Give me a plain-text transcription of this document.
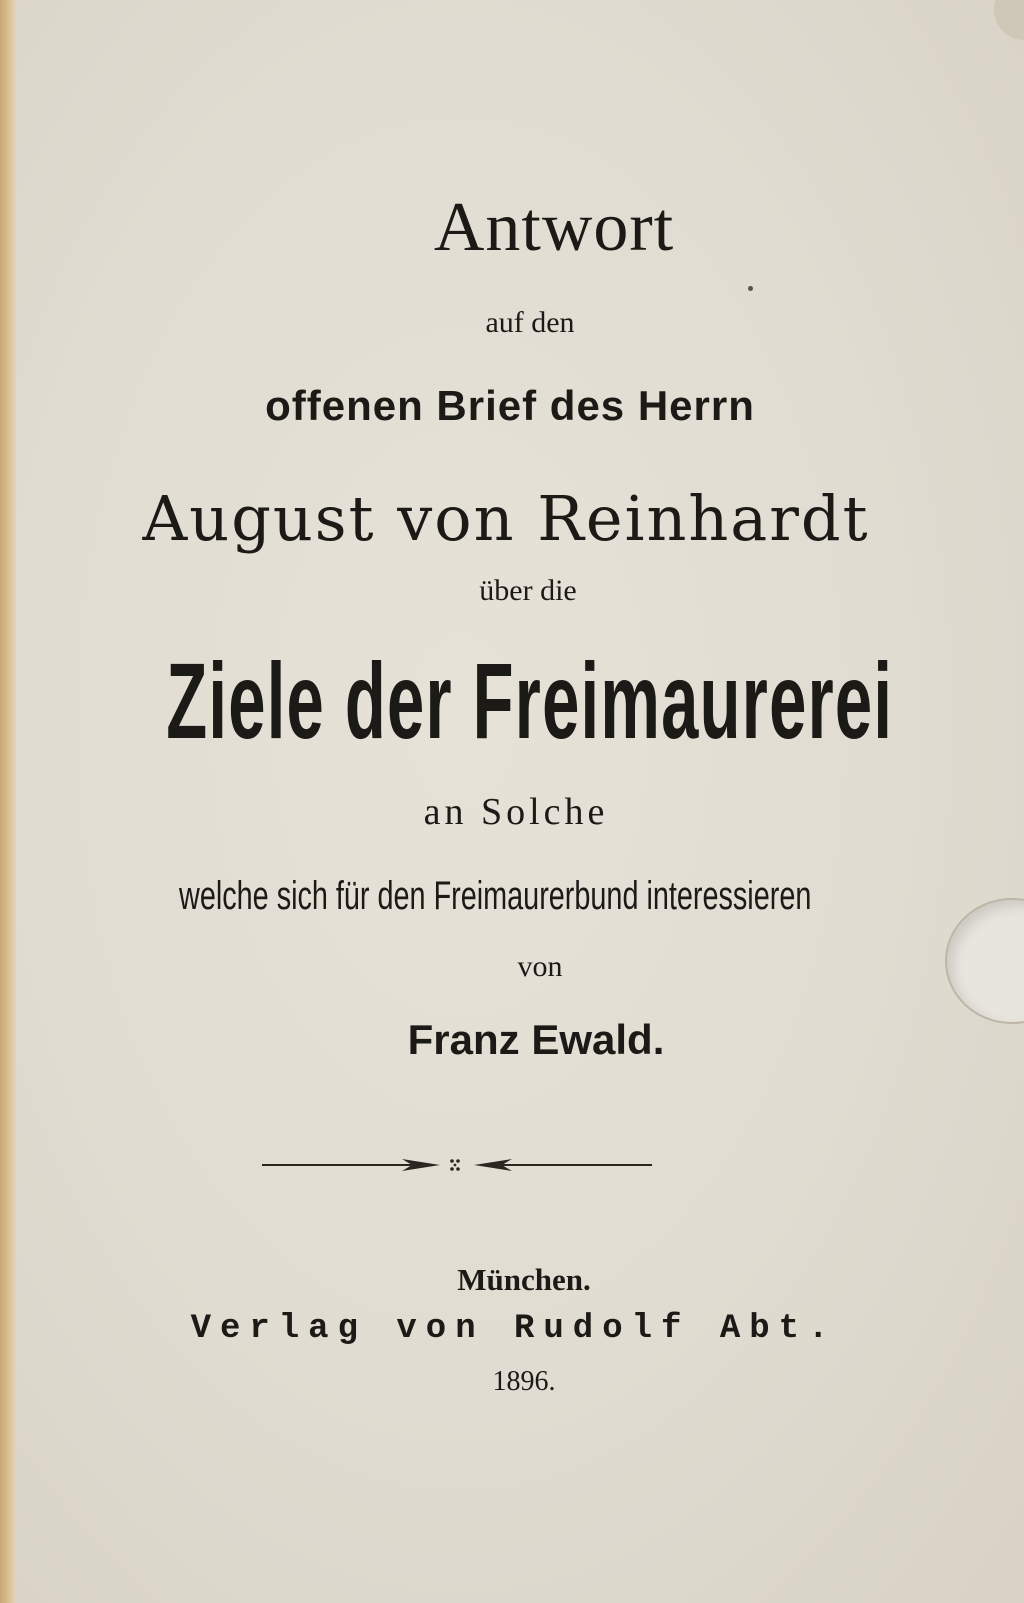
Antwort
auf den
offenen Brief des Herrn
August von Reinhardt
über die
Ziele der Freimaurerei
an Solche
welche sich für den Freimaurerbund interessieren
von
Franz Ewald.
München.
Verlag von Rudolf Abt.
1896.
